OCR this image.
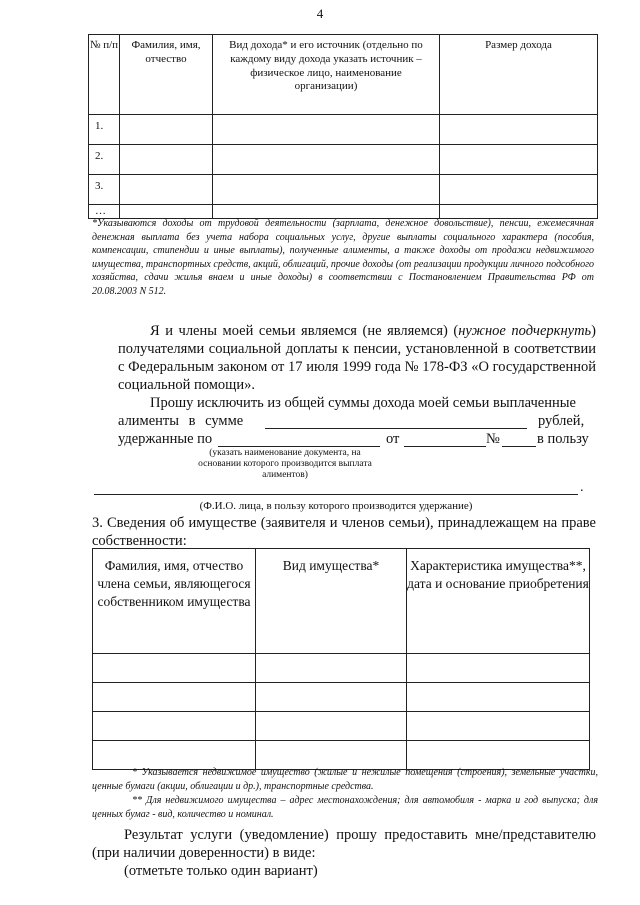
4
№ п/п	Фамилия, имя, отчество	Вид дохода* и его источник (отдельно по каждому виду дохода указать источник – физическое лицо, наименование организации)	Размер дохода
1.			
2.			
3.			
…			
*Указываются доходы от трудовой деятельности (зарплата, денежное довольствие), пенсии, ежемесячная денежная выплата без учета набора социальных услуг, другие выплаты социального характера (пособия, компенсации, стипендии и иные выплаты), полученные алименты, а также доходы от продажи недвижимого имущества, транспортных средств, акций, облигаций, прочие доходы (от реализации продукции личного подсобного хозяйства, сдачи жилья внаем и иные доходы) в соответствии с Постановлением Правительства РФ от 20.08.2003 N 512.
Я и члены моей семьи являемся (не являемся) (нужное подчеркнуть) получателями социальной доплаты к пенсии, установленной в соответствии с Федеральным законом от 17 июля 1999 года № 178-ФЗ «О государственной социальной помощи».
Прошу исключить из общей суммы дохода моей семьи выплаченные
алименты в сумме	рублей,
удержанные по	от	№	в пользу
(указать наименование документа, на основании которого производится выплата алиментов)
.
(Ф.И.О. лица, в пользу которого производится удержание)
3. Сведения об имуществе (заявителя и членов семьи), принадлежащем на праве собственности:
Фамилия, имя, отчество члена семьи, являющегося собственником имущества	Вид имущества*	Характеристика имущества**, дата и основание приобретения

* Указывается недвижимое имущество (жилые и нежилые помещения (строения), земельные участки, ценные бумаги (акции, облигации и др.), транспортные средства.
** Для недвижимого имущества – адрес местонахождения; для автомобиля - марка и год выпуска; для ценных бумаг - вид, количество и номинал.
Результат услуги (уведомление) прошу предоставить мне/представителю (при наличии доверенности) в виде:
(отметьте только один вариант)
